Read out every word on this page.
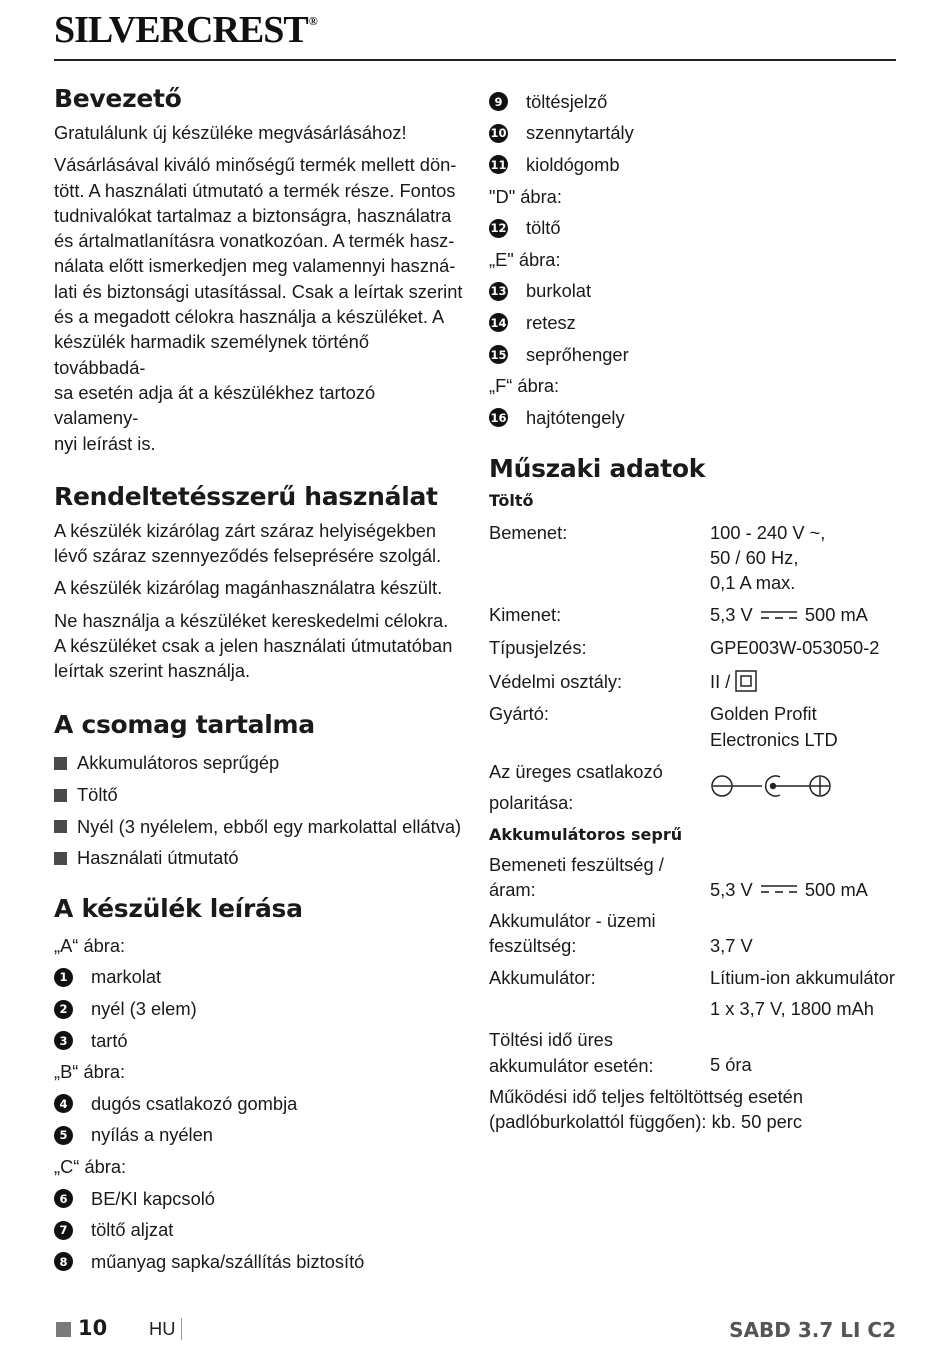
SILVERCREST®
Bevezető

Gratulálunk új készüléke megvásárlásához!

Vásárlásával kiváló minőségű termék mellett dön-

tött. A használati útmutató a termék része. Fontos

tudnivalókat tartalmaz a biztonságra, használatra

és ártalmatlanításra vonatkozóan. A termék hasz-

nálata előtt ismerkedjen meg valamennyi haszná-

lati és biztonsági utasítással. Csak a leírtak szerint

és a megadott célokra használja a készüléket. A

készülék harmadik személynek történő továbbadá-

sa esetén adja át a készülékhez tartozó valameny-

nyi leírást is.

Rendeltetésszerű használat

A készülék kizárólag zárt száraz helyiségekben

lévő száraz szennyeződés felseprésére szolgál.

A készülék kizárólag magánhasználatra készült.

Ne használja a készüléket kereskedelmi célokra.

A készüléket csak a jelen használati útmutatóban

leírtak szerint használja.

A csomag tartalma
Akkumulátoros seprűgép
Töltő
Nyél (3 nyélelem, ebből egy markolattal ellátva)
Használati útmutató
A készülék leírása
„A“ ábra:
1	markolat
2	nyél (3 elem)
3	tartó
„B“ ábra:
4	dugós csatlakozó gombja
5	nyílás a nyélen
„C“ ábra:
6	BE/KI kapcsoló
7	töltő aljzat
8	műanyag sapka/szállítás biztosító
9	töltésjelző
10 szennytartály
11 kioldógomb
"D" ábra:
12 töltő
„E" ábra:
13 burkolat
14 retesz
15 seprőhenger
„F“ ábra:
16 hajtótengely
Műszaki adatok
Töltő
Bemenet:	100 - 240 V ~,
50 / 60 Hz,
0,1 A max.
Kimenet:	5,3 V	500 mA
Típusjelzés:	GPE003W-053050-2
Védelmi osztály:	II /
Gyártó:	Golden Profit
Electronics LTD
Az üreges csatlakozó
polaritása:
Akkumulátoros seprű
Bemeneti feszültség /
áram:	5,3 V	500 mA
Akkumulátor - üzemi
feszültség:	3,7 V
Akkumulátor:	Lítium-ion akkumulátor
1 x 3,7 V, 1800 mAh
Töltési idő üres
akkumulátor esetén:	5 óra

Működési idő teljes feltöltöttség esetén

(padlóburkolattól függően): kb. 50 perc

10 HU	SABD 3.7 LI C2
